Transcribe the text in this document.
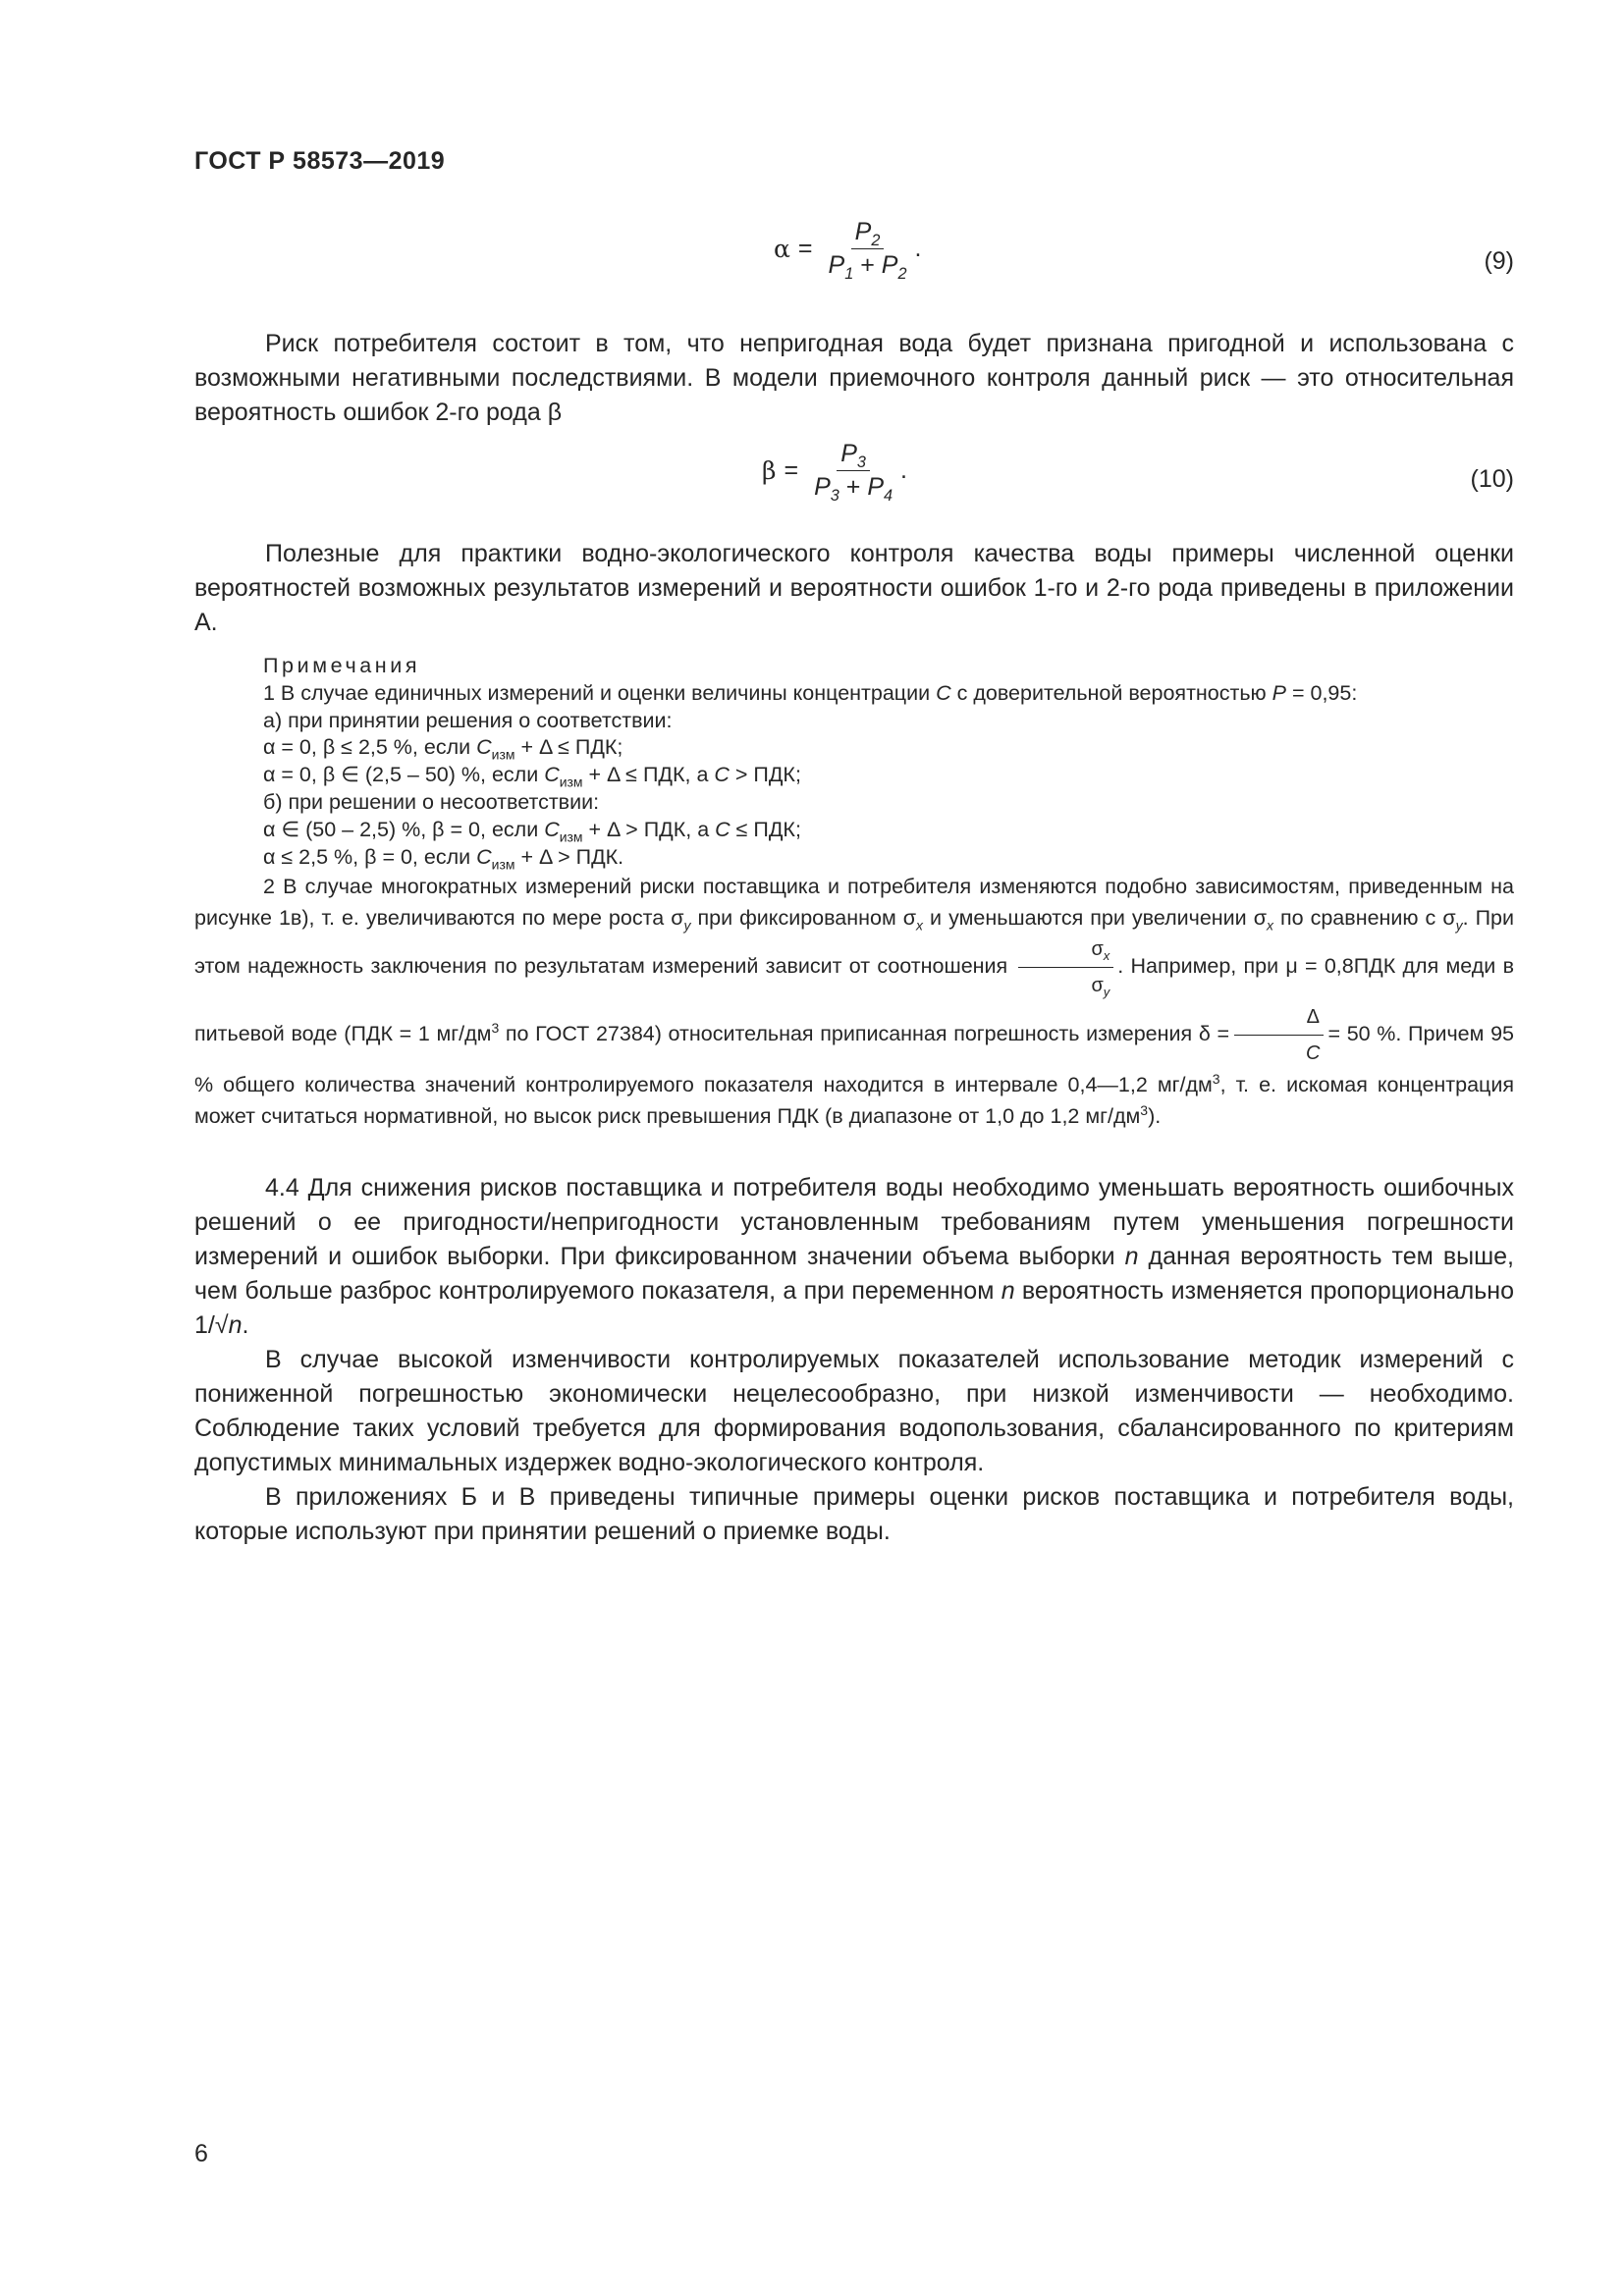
ГОСТ Р 58573—2019
$\alpha = \frac{P_2}{P_1 + P_2}$ .	(9)

Риск потребителя состоит в том, что непригодная вода будет признана пригодной и использована с возможными негативными последствиями. В модели приемочного контроля данный риск — это относительная вероятность ошибок 2-го рода β

$\beta = \frac{P_3}{P_3 + P_4}$ .	(10)

Полезные для практики водно-экологического контроля качества воды примеры численной оценки вероятностей возможных результатов измерений и вероятности ошибок 1-го и 2-го рода приведены в приложении А.

Примечания

1 В случае единичных измерений и оценки величины концентрации C с доверительной вероятностью P = 0,95:

а) при принятии решения о соответствии:

α = 0, β ≤ 2,5 %, если $C_{изм} + \Delta$ ≤ ПДК;

α = 0, β ∈ (2,5 – 50) %, если $C_{изм} + \Delta$ ≤ ПДК, а C > ПДК;

б) при решении о несоответствии:

α ∈ (50 – 2,5) %, β = 0, если $C_{изм} + \Delta$ > ПДК, а C ≤ ПДК;

α ≤ 2,5 %, β = 0, если $C_{изм} + \Delta$ > ПДК.

2 В случае многократных измерений риски поставщика и потребителя изменяются подобно зависимостям, приведенным на рисунке 1в), т. е. увеличиваются по мере роста $\sigma_y$ при фиксированном $\sigma_x$ и уменьшаются при увеличении $\sigma_x$ по сравнению с $\sigma_y$. При этом надежность заключения по результатам измерений зависит от соотношения $\frac{\sigma_x}{\sigma_y}$ . Например, при μ = 0,8ПДК для меди в питьевой воде (ПДК = 1 $мг/дм^3$ по ГОСТ 27384) относительная приписанная погрешность измерения $\delta = \frac{\Delta}{C} = 50$ %. Причем 95 % общего количества значений контролируемого показателя находится в интервале 0,4—1,2 $мг/дм^3$, т. е. искомая концентрация может считаться нормативной, но высок риск превышения ПДК (в диапазоне от 1,0 до 1,2 $мг/дм^3$).

4.4 Для снижения рисков поставщика и потребителя воды необходимо уменьшать вероятность ошибочных решений о ее пригодности/непригодности установленным требованиям путем уменьшения погрешности измерений и ошибок выборки. При фиксированном значении объема выборки n данная вероятность тем выше, чем больше разброс контролируемого показателя, а при переменном n вероятность изменяется пропорционально 1/√n.

В случае высокой изменчивости контролируемых показателей использование методик измерений с пониженной погрешностью экономически нецелесообразно, при низкой изменчивости — необходимо. Соблюдение таких условий требуется для формирования водопользования, сбалансированного по критериям допустимых минимальных издержек водно-экологического контроля.

В приложениях Б и В приведены типичные примеры оценки рисков поставщика и потребителя воды, которые используют при принятии решений о приемке воды.

6
